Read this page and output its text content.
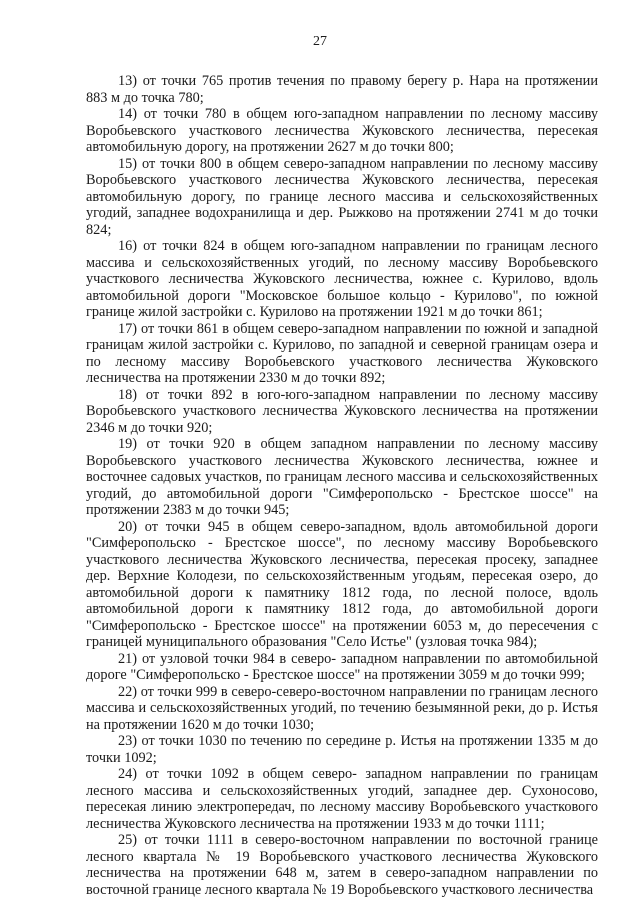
27

13) от точки 765 против течения по правому берегу р. Нара на протяжении 883 м до точка 780;

14) от точки 780 в общем юго-западном направлении по лесному массиву Воробьевского участкового лесничества Жуковского лесничества, пересекая автомобильную дорогу, на протяжении 2627 м до точки 800;

15) от точки 800 в общем северо-западном направлении по лесному массиву Воробьевского участкового лесничества Жуковского лесничества, пересекая автомобильную дорогу, по границе лесного массива и сельскохозяйственных угодий, западнее водохранилища и дер. Рыжково на протяжении 2741 м до точки 824;

16) от точки 824 в общем юго-западном направлении по границам лесного массива и сельскохозяйственных угодий, по лесному массиву Воробьевского участкового лесничества Жуковского лесничества, южнее с. Курилово, вдоль автомобильной дороги "Московское большое кольцо - Курилово", по южной границе жилой застройки с. Курилово на протяжении 1921 м до точки 861;

17) от точки 861 в общем северо-западном направлении по южной и западной границам жилой застройки с. Курилово, по западной и северной границам озера и по лесному массиву Воробьевского участкового лесничества Жуковского лесничества на протяжении 2330 м до точки 892;

18) от точки 892 в юго-юго-западном направлении по лесному массиву Воробьевского участкового лесничества Жуковского лесничества на протяжении 2346 м до точки 920;

19) от точки 920 в общем западном направлении по лесному массиву Воробьевского участкового лесничества Жуковского лесничества, южнее и восточнее садовых участков, по границам лесного массива и сельскохозяйственных угодий, до автомобильной дороги "Симферопольско - Брестское шоссе" на протяжении 2383 м до точки 945;

20) от точки 945 в общем северо-западном, вдоль автомобильной дороги "Симферопольско - Брестское шоссе", по лесному массиву Воробьевского участкового лесничества Жуковского лесничества, пересекая просеку, западнее дер. Верхние Колодези, по сельскохозяйственным угодьям, пересекая озеро, до автомобильной дороги к памятнику 1812 года, по лесной полосе, вдоль автомобильной дороги к памятнику 1812 года, до автомобильной дороги "Симферопольско - Брестское шоссе" на протяжении 6053 м, до пересечения с границей муниципального образования "Село Истье" (узловая точка 984);

21) от узловой точки 984 в северо- западном направлении по автомобильной дороге "Симферопольско - Брестское шоссе" на протяжении 3059 м до точки 999;

22) от точки 999 в северо-северо-восточном направлении по границам лесного массива и сельскохозяйственных угодий, по течению безымянной реки, до р. Истья на протяжении 1620 м до точки 1030;

23) от точки 1030 по течению по середине р. Истья на протяжении 1335 м до точки 1092;

24) от точки 1092 в общем северо- западном направлении по границам лесного массива и сельскохозяйственных угодий, западнее дер. Сухоносово, пересекая линию электропередач, по лесному массиву Воробьевского участкового лесничества Жуковского лесничества на протяжении 1933 м до точки 1111;

25) от точки 1111 в северо-восточном направлении по восточной границе лесного квартала № 19 Воробьевского участкового лесничества Жуковского лесничества на протяжении 648 м, затем в северо-западном направлении по восточной границе лесного квартала № 19 Воробьевского участкового лесничества
